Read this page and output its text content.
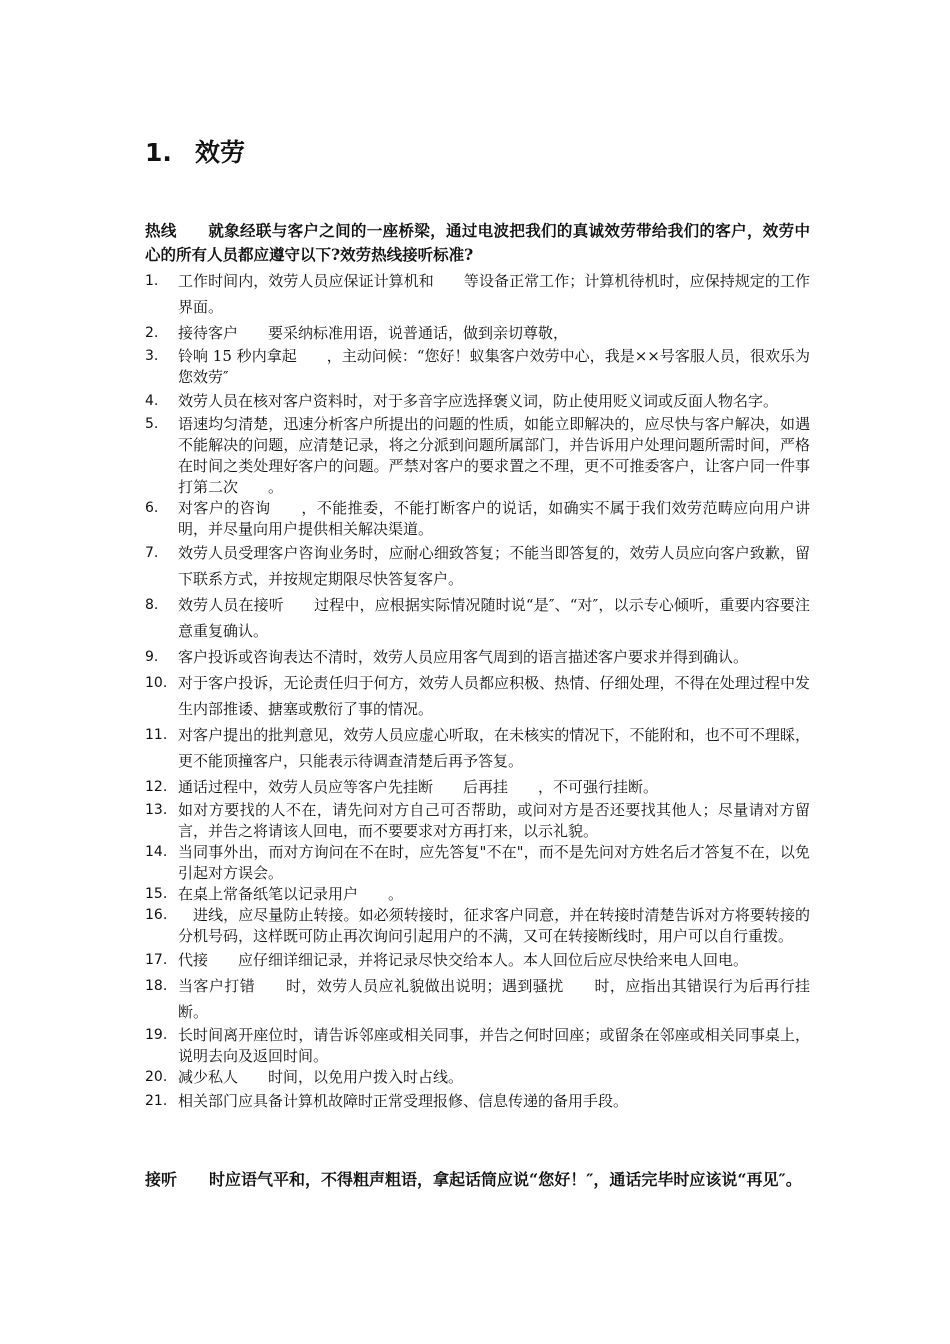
1. 效劳
热线　　就象经联与客户之间的一座桥梁，通过电波把我们的真诚效劳带给我们的客户，效劳中心的所有人员都应遵守以下?效劳热线接听标准?
1.	工作时间内，效劳人员应保证计算机和　　等设备正常工作；计算机待机时，应保持规定的工作界面。
2.	接待客户　　要采纳标准用语，说普通话，做到亲切尊敬，
3.	铃响 15 秒内拿起　　，主动问候：“您好！蚁集客户效劳中心，我是××号客服人员，很欢乐为您效劳″
4.	效劳人员在核对客户资料时，对于多音字应选择褒义词，防止使用贬义词或反面人物名字。
5.	语速均匀清楚，迅速分析客户所提出的问题的性质，如能立即解决的，应尽快与客户解决，如遇不能解决的问题，应清楚记录，将之分派到问题所属部门，并告诉用户处理问题所需时间，严格在时间之类处理好客户的问题。严禁对客户的要求置之不理，更不可推委客户，让客户同一件事打第二次　　。
6.	对客户的咨询　　，不能推委，不能打断客户的说话，如确实不属于我们效劳范畴应向用户讲明，并尽量向用户提供相关解决渠道。
7.	效劳人员受理客户咨询业务时，应耐心细致答复；不能当即答复的，效劳人员应向客户致歉，留下联系方式，并按规定期限尽快答复客户。
8.	效劳人员在接听　　过程中，应根据实际情况随时说“是″、“对″，以示专心倾听，重要内容要注意重复确认。
9.	客户投诉或咨询表达不清时，效劳人员应用客气周到的语言描述客户要求并得到确认。
10. 对于客户投诉，无论责任归于何方，效劳人员都应积极、热情、仔细处理，不得在处理过程中发生内部推诿、搪塞或敷衍了事的情况。
11. 对客户提出的批判意见，效劳人员应虚心听取，在未核实的情况下，不能附和，也不可不理睬，更不能顶撞客户，只能表示待调查清楚后再予答复。
12. 通话过程中，效劳人员应等客户先挂断　　后再挂　　，不可强行挂断。
13. 如对方要找的人不在，请先问对方自己可否帮助，或问对方是否还要找其他人；尽量请对方留言，并告之将请该人回电，而不要要求对方再打来，以示礼貌。
14. 当同事外出，而对方询问在不在时，应先答复"不在"，而不是先问对方姓名后才答复不在，以免引起对方误会。
15. 在桌上常备纸笔以记录用户　　。
16. 　进线，应尽量防止转接。如必须转接时，征求客户同意，并在转接时清楚告诉对方将要转接的分机号码，这样既可防止再次询问引起用户的不满，又可在转接断线时，用户可以自行重拨。
17. 代接　　应仔细详细记录，并将记录尽快交给本人。本人回位后应尽快给来电人回电。
18. 当客户打错　　时，效劳人员应礼貌做出说明；遇到骚扰　　时，应指出其错误行为后再行挂断。
19. 长时间离开座位时，请告诉邻座或相关同事，并告之何时回座；或留条在邻座或相关同事桌上，说明去向及返回时间。
20. 减少私人　　时间，以免用户拨入时占线。
21. 相关部门应具备计算机故障时正常受理报修、信息传递的备用手段。
接听　　时应语气平和，不得粗声粗语，拿起话筒应说“您好！″，通话完毕时应该说“再见″。
